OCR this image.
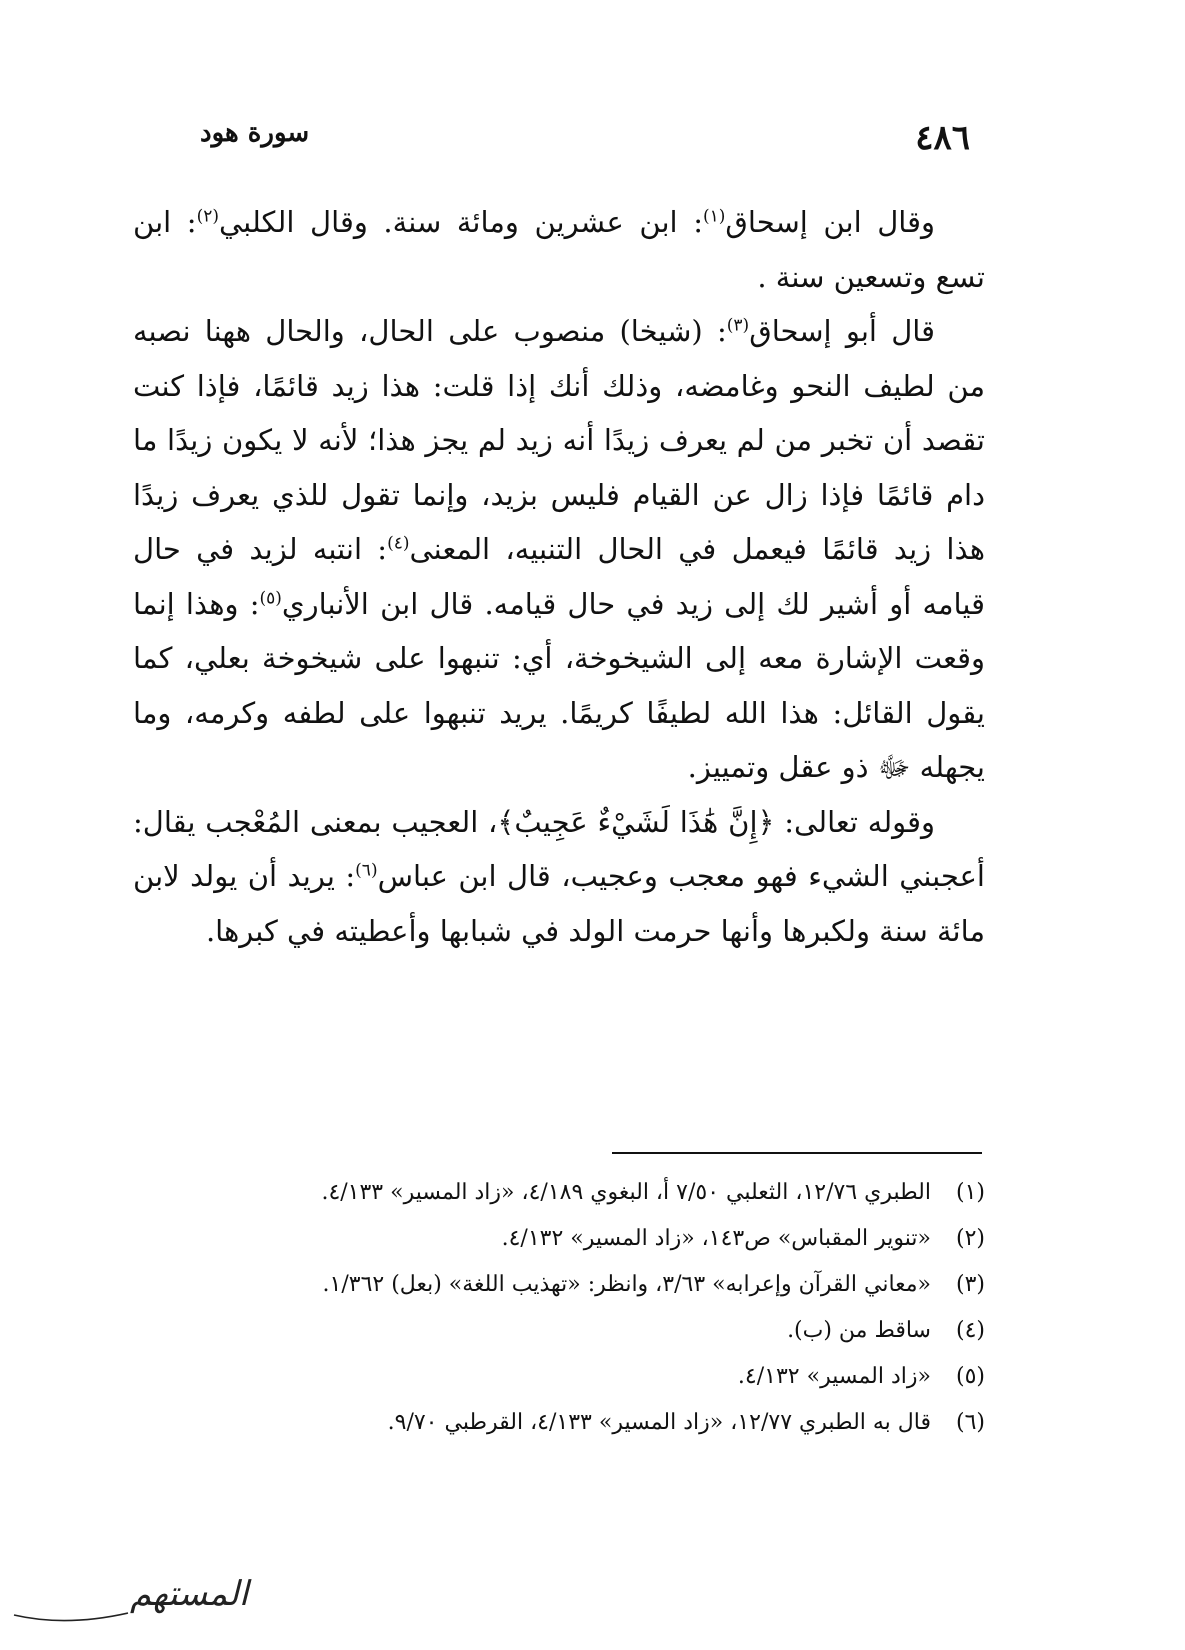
٤٨٦
سورة هود

وقال ابن إسحاق$^{(١)}$: ابن عشرين ومائة سنة. وقال الكلبي$^{(٢)}$: ابن تسع وتسعين سنة .

قال أبو إسحاق$^{(٣)}$: (شيخا) منصوب على الحال، والحال ههنا نصبه من لطيف النحو وغامضه، وذلك أنك إذا قلت: هذا زيد قائمًا، فإذا كنت تقصد أن تخبر من لم يعرف زيدًا أنه زيد لم يجز هذا؛ لأنه لا يكون زيدًا ما دام قائمًا فإذا زال عن القيام فليس بزيد، وإنما تقول للذي يعرف زيدًا هذا زيد قائمًا فيعمل في الحال التنبيه، المعنى$^{(٤)}$: انتبه لزيد في حال قيامه أو أشير لك إلى زيد في حال قيامه. قال ابن الأنباري$^{(٥)}$: وهذا إنما وقعت الإشارة معه إلى الشيخوخة، أي: تنبهوا على شيخوخة بعلي، كما يقول القائل: هذا الله لطيفًا كريمًا. يريد تنبهوا على لطفه وكرمه، وما يجهله ﷻ ذو عقل وتمييز.

وقوله تعالى: ﴿إِنَّ هَٰذَا لَشَيْءٌ عَجِيبٌ﴾، العجيب بمعنى المُعْجب يقال: أعجبني الشيء فهو معجب وعجيب، قال ابن عباس$^{(٦)}$: يريد أن يولد لابن مائة سنة ولكبرها وأنها حرمت الولد في شبابها وأعطيته في كبرها.

(١)
الطبري ١٢/٧٦، الثعلبي ٧/٥٠ أ، البغوي ٤/١٨٩، «زاد المسير» ٤/١٣٣.
(٢)
«تنوير المقباس» ص١٤٣، «زاد المسير» ٤/١٣٢.
(٣)
«معاني القرآن وإعرابه» ٣/٦٣، وانظر: «تهذيب اللغة» (بعل) ١/٣٦٢.
(٤)
ساقط من (ب).
(٥)
«زاد المسير» ٤/١٣٢.
(٦)
قال به الطبري ١٢/٧٧، «زاد المسير» ٤/١٣٣، القرطبي ٩/٧٠.
المستهم
